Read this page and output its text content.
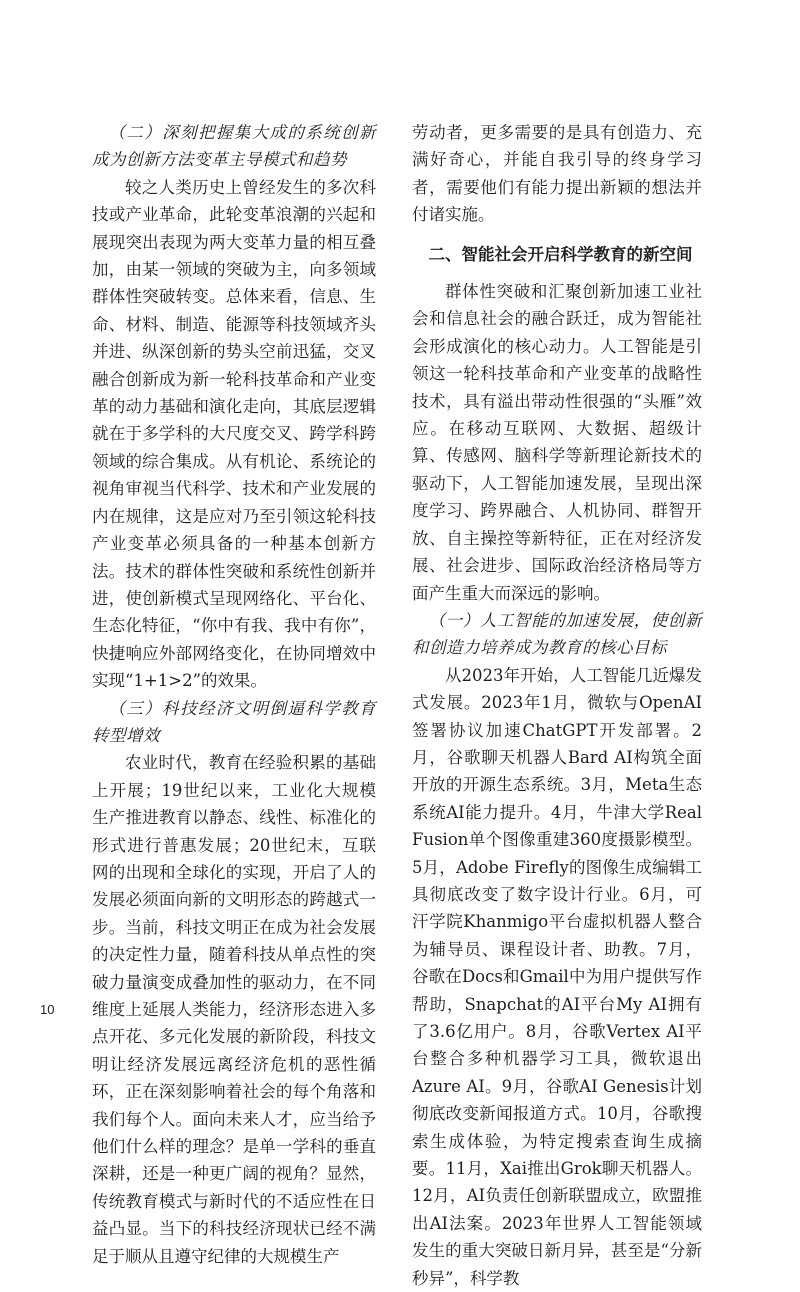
（二）深刻把握集大成的系统创新成为创新方法变革主导模式和趋势

较之人类历史上曾经发生的多次科技或产业革命，此轮变革浪潮的兴起和展现突出表现为两大变革力量的相互叠加，由某一领域的突破为主，向多领域群体性突破转变。总体来看，信息、生命、材料、制造、能源等科技领域齐头并进、纵深创新的势头空前迅猛，交叉融合创新成为新一轮科技革命和产业变革的动力基础和演化走向，其底层逻辑就在于多学科的大尺度交叉、跨学科跨领域的综合集成。从有机论、系统论的视角审视当代科学、技术和产业发展的内在规律，这是应对乃至引领这轮科技产业变革必须具备的一种基本创新方法。技术的群体性突破和系统性创新并进，使创新模式呈现网络化、平台化、生态化特征，“你中有我、我中有你”，快捷响应外部网络变化，在协同增效中实现“1+1>2”的效果。

（三）科技经济文明倒逼科学教育转型增效

农业时代，教育在经验积累的基础上开展；19世纪以来，工业化大规模生产推进教育以静态、线性、标准化的形式进行普惠发展；20世纪末，互联网的出现和全球化的实现，开启了人的发展必须面向新的文明形态的跨越式一步。当前，科技文明正在成为社会发展的决定性力量，随着科技从单点性的突破力量演变成叠加性的驱动力，在不同维度上延展人类能力，经济形态进入多点开花、多元化发展的新阶段，科技文明让经济发展远离经济危机的恶性循环，正在深刻影响着社会的每个角落和我们每个人。面向未来人才，应当给予他们什么样的理念？是单一学科的垂直深耕，还是一种更广阔的视角？显然，传统教育模式与新时代的不适应性在日益凸显。当下的科技经济现状已经不满足于顺从且遵守纪律的大规模生产

劳动者，更多需要的是具有创造力、充满好奇心，并能自我引导的终身学习者，需要他们有能力提出新颖的想法并付诸实施。

二、智能社会开启科学教育的新空间

群体性突破和汇聚创新加速工业社会和信息社会的融合跃迁，成为智能社会形成演化的核心动力。人工智能是引领这一轮科技革命和产业变革的战略性技术，具有溢出带动性很强的“头雁”效应。在移动互联网、大数据、超级计算、传感网、脑科学等新理论新技术的驱动下，人工智能加速发展，呈现出深度学习、跨界融合、人机协同、群智开放、自主操控等新特征，正在对经济发展、社会进步、国际政治经济格局等方面产生重大而深远的影响。

（一）人工智能的加速发展，使创新和创造力培养成为教育的核心目标

从2023年开始，人工智能几近爆发式发展。2023年1月，微软与OpenAI签署协议加速ChatGPT开发部署。2月，谷歌聊天机器人Bard AI构筑全面开放的开源生态系统。3月，Meta生态系统AI能力提升。4月，牛津大学Real Fusion单个图像重建360度摄影模型。5月，Adobe Firefly的图像生成编辑工具彻底改变了数字设计行业。6月，可汗学院Khanmigo平台虚拟机器人整合为辅导员、课程设计者、助教。7月，谷歌在Docs和Gmail中为用户提供写作帮助，Snapchat的AI平台My AI拥有了3.6亿用户。8月，谷歌Vertex AI平台整合多种机器学习工具，微软退出Azure AI。9月，谷歌AI Genesis计划彻底改变新闻报道方式。10月，谷歌搜索生成体验，为特定搜索查询生成摘要。11月，Xai推出Grok聊天机器人。12月，AI负责任创新联盟成立，欧盟推出AI法案。2023年世界人工智能领域发生的重大突破日新月异，甚至是“分新秒异”，科学教

10
